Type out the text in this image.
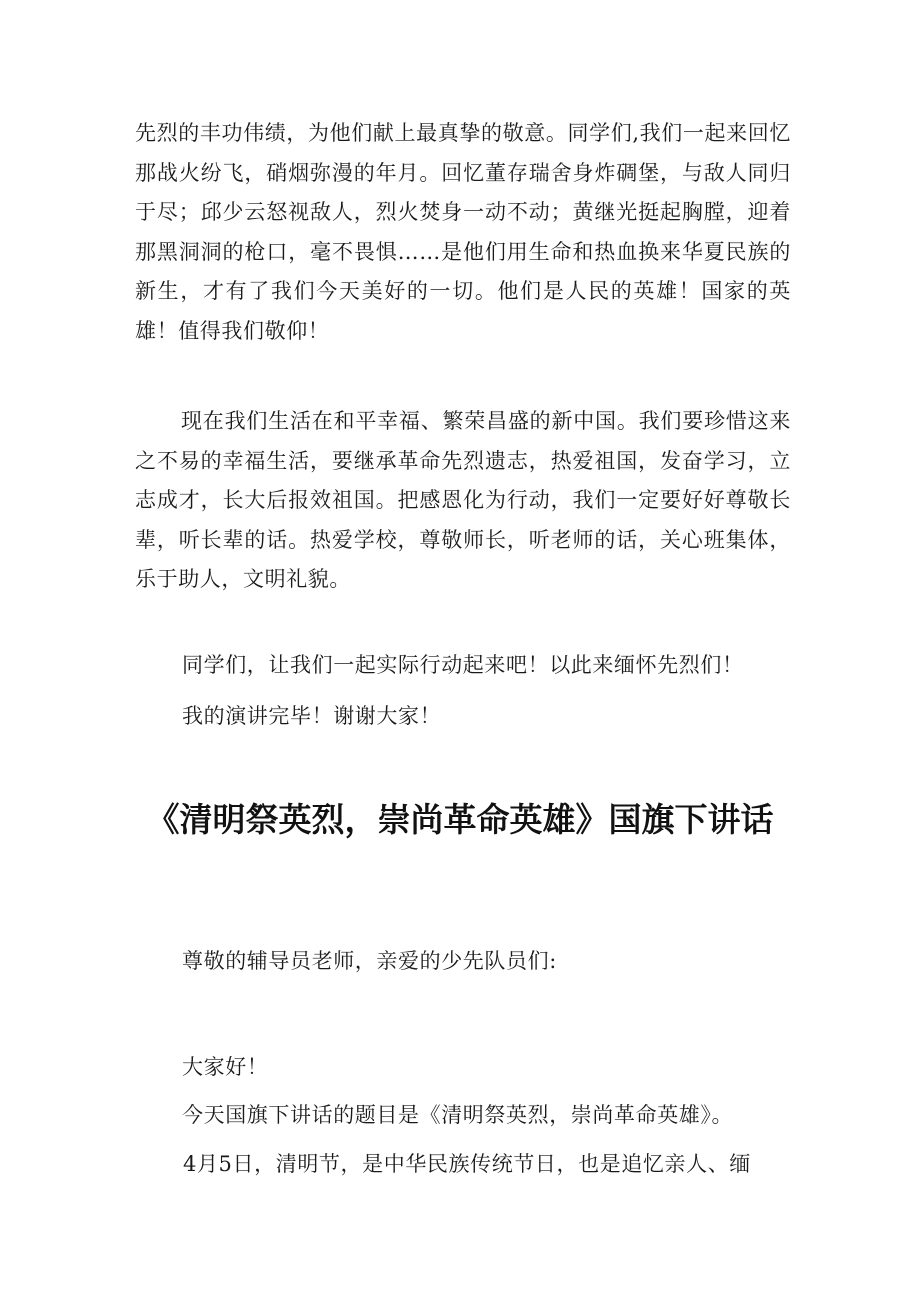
先烈的丰功伟绩，为他们献上最真挚的敬意。同学们,我们一起来回忆那战火纷飞，硝烟弥漫的年月。回忆董存瑞舍身炸碉堡，与敌人同归于尽；邱少云怒视敌人，烈火焚身一动不动；黄继光挺起胸膛，迎着那黑洞洞的枪口，毫不畏惧……是他们用生命和热血换来华夏民族的新生，才有了我们今天美好的一切。他们是人民的英雄！国家的英雄！值得我们敬仰！

现在我们生活在和平幸福、繁荣昌盛的新中国。我们要珍惜这来之不易的幸福生活，要继承革命先烈遗志，热爱祖国，发奋学习，立志成才，长大后报效祖国。把感恩化为行动，我们一定要好好尊敬长辈，听长辈的话。热爱学校，尊敬师长，听老师的话，关心班集体，乐于助人，文明礼貌。

同学们，让我们一起实际行动起来吧！以此来缅怀先烈们！

我的演讲完毕！谢谢大家！

《清明祭英烈，崇尚革命英雄》国旗下讲话

尊敬的辅导员老师，亲爱的少先队员们:

大家好！

今天国旗下讲话的题目是《清明祭英烈，崇尚革命英雄》。

4月5日，清明节，是中华民族传统节日，也是追忆亲人、缅
